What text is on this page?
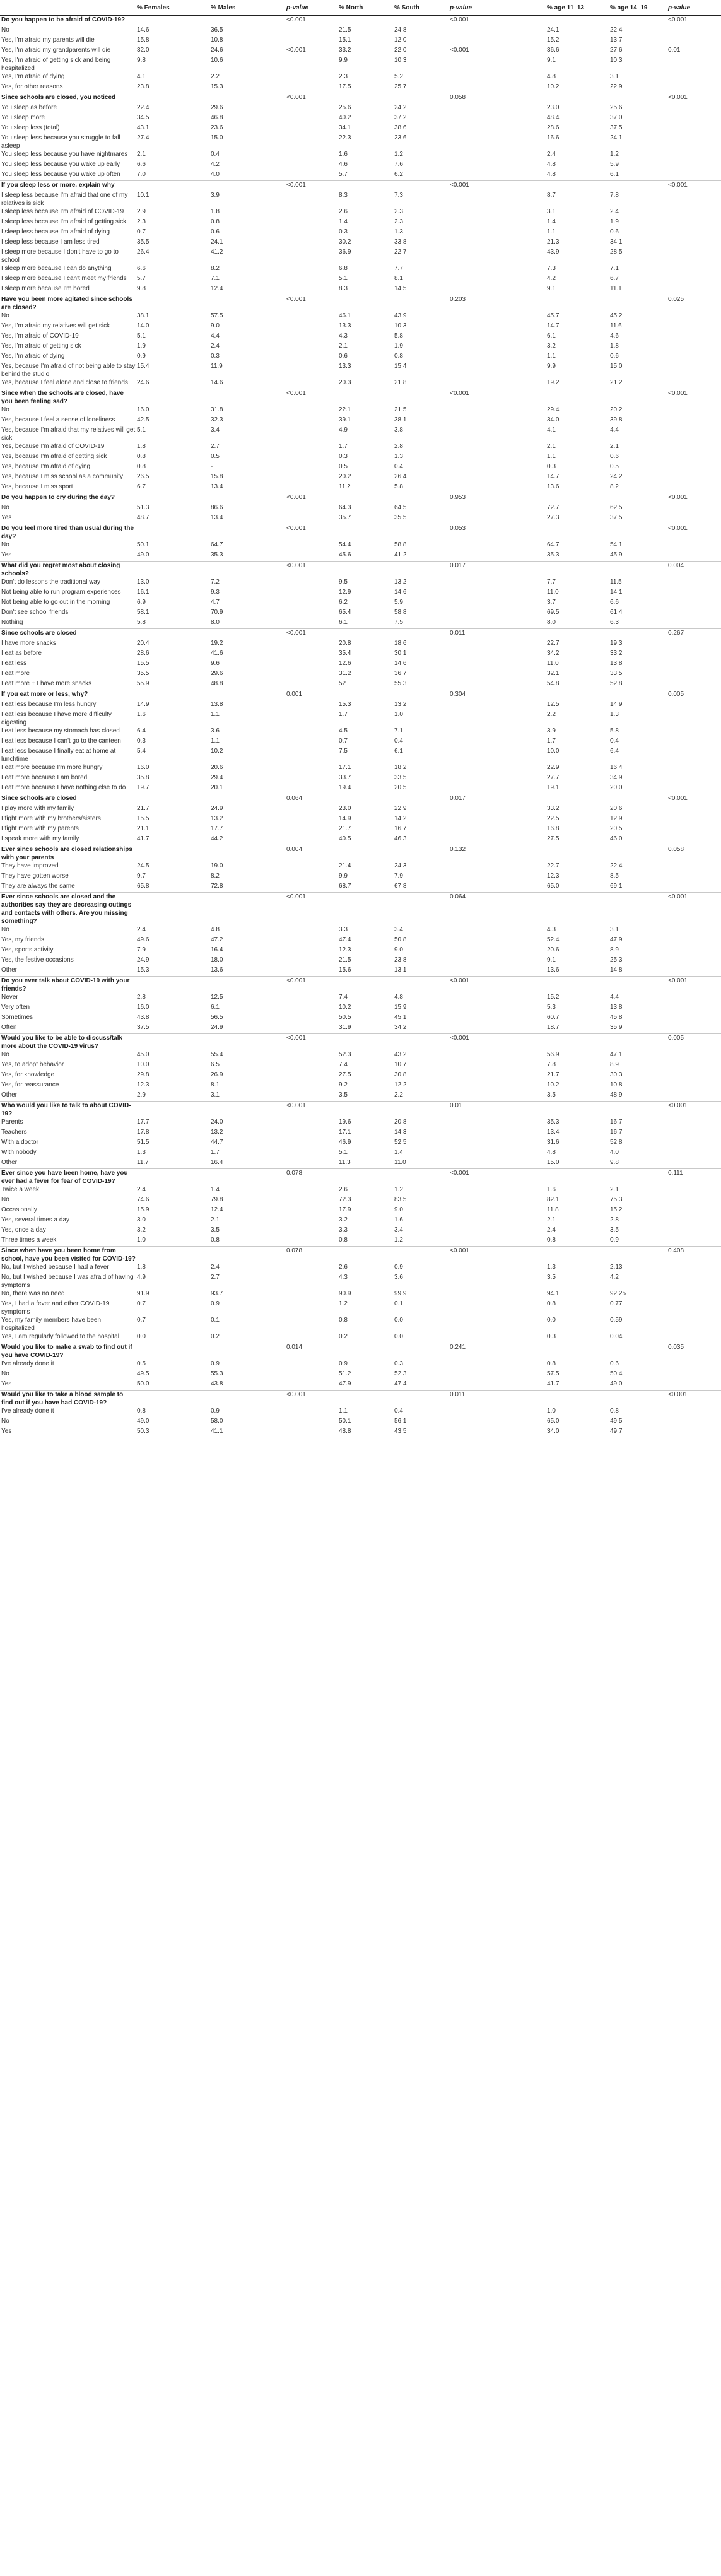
	% Females	% Males	p-value	% North	% South	p-value	% age 11–13	% age 14–19	p-value
Do you happen to be afraid of COVID-19?			<0.001			<0.001			<0.001
No	14.6	36.5		21.5	24.8		24.1	22.4	
Yes, I'm afraid my parents will die	15.8	10.8		15.1	12.0		15.2	13.7	
Yes, I'm afraid my grandparents will die	32.0	24.6	<0.001	33.2	22.0	<0.001	36.6	27.6	0.01
Yes, I'm afraid of getting sick and being hospitalized	9.8	10.6		9.9	10.3		9.1	10.3	
Yes, I'm afraid of dying	4.1	2.2		2.3	5.2		4.8	3.1	
Yes, for other reasons	23.8	15.3		17.5	25.7		10.2	22.9	
Since schools are closed, you noticed			<0.001			0.058			<0.001
You sleep as before	22.4	29.6		25.6	24.2		23.0	25.6	
You sleep more	34.5	46.8		40.2	37.2		48.4	37.0	
You sleep less (total)	43.1	23.6		34.1	38.6		28.6	37.5	
You sleep less because you struggle to fall asleep	27.4	15.0		22.3	23.6		16.6	24.1	
You sleep less because you have nightmares	2.1	0.4		1.6	1.2		2.4	1.2	
You sleep less because you wake up early	6.6	4.2		4.6	7.6		4.8	5.9	
You sleep less because you wake up often	7.0	4.0		5.7	6.2		4.8	6.1	
If you sleep less or more, explain why			<0.001			<0.001			<0.001
I sleep less because I'm afraid that one of my relatives is sick	10.1	3.9		8.3	7.3		8.7	7.8	
I sleep less because I'm afraid of COVID-19	2.9	1.8		2.6	2.3		3.1	2.4	
I sleep less because I'm afraid of getting sick	2.3	0.8		1.4	2.3		1.4	1.9	
I sleep less because I'm afraid of dying	0.7	0.6		0.3	1.3		1.1	0.6	
I sleep less because I am less tired	35.5	24.1		30.2	33.8		21.3	34.1	
I sleep more because I don't have to go to school	26.4	41.2		36.9	22.7		43.9	28.5	
I sleep more because I can do anything	6.6	8.2		6.8	7.7		7.3	7.1	
I sleep more because I can't meet my friends	5.7	7.1		5.1	8.1		4.2	6.7	
I sleep more because I'm bored	9.8	12.4		8.3	14.5		9.1	11.1	
Have you been more agitated since schools are closed?			<0.001			0.203			0.025
No	38.1	57.5		46.1	43.9		45.7	45.2	
Yes, I'm afraid my relatives will get sick	14.0	9.0		13.3	10.3		14.7	11.6	
Yes, I'm afraid of COVID-19	5.1	4.4		4.3	5.8		6.1	4.6	
Yes, I'm afraid of getting sick	1.9	2.4		2.1	1.9		3.2	1.8	
Yes, I'm afraid of dying	0.9	0.3		0.6	0.8		1.1	0.6	
Yes, because I'm afraid of not being able to stay behind the studio	15.4	11.9		13.3	15.4		9.9	15.0	
Yes, because I feel alone and close to friends	24.6	14.6		20.3	21.8		19.2	21.2	
Since when the schools are closed, have you been feeling sad?			<0.001			<0.001			<0.001
No	16.0	31.8		22.1	21.5		29.4	20.2	
Yes, because I feel a sense of loneliness	42.5	32.3		39.1	38.1		34.0	39.8	
Yes, because I'm afraid that my relatives will get sick	5.1	3.4		4.9	3.8		4.1	4.4	
Yes, because I'm afraid of COVID-19	1.8	2.7		1.7	2.8		2.1	2.1	
Yes, because I'm afraid of getting sick	0.8	0.5		0.3	1.3		1.1	0.6	
Yes, because I'm afraid of dying	0.8	-		0.5	0.4		0.3	0.5	
Yes, because I miss school as a community	26.5	15.8		20.2	26.4		14.7	24.2	
Yes, because I miss sport	6.7	13.4		11.2	5.8		13.6	8.2	
Do you happen to cry during the day?			<0.001			0.953			<0.001
No	51.3	86.6		64.3	64.5		72.7	62.5	
Yes	48.7	13.4		35.7	35.5		27.3	37.5	
Do you feel more tired than usual during the day?			<0.001			0.053			<0.001
No	50.1	64.7		54.4	58.8		64.7	54.1	
Yes	49.0	35.3		45.6	41.2		35.3	45.9	
What did you regret most about closing schools?			<0.001			0.017			0.004
Don't do lessons the traditional way	13.0	7.2		9.5	13.2		7.7	11.5	
Not being able to run program experiences	16.1	9.3		12.9	14.6		11.0	14.1	
Not being able to go out in the morning	6.9	4.7		6.2	5.9		3.7	6.6	
Don't see school friends	58.1	70.9		65.4	58.8		69.5	61.4	
Nothing	5.8	8.0		6.1	7.5		8.0	6.3	
Since schools are closed			<0.001			0.011			0.267
I have more snacks	20.4	19.2		20.8	18.6		22.7	19.3	
I eat as before	28.6	41.6		35.4	30.1		34.2	33.2	
I eat less	15.5	9.6		12.6	14.6		11.0	13.8	
I eat more	35.5	29.6		31.2	36.7		32.1	33.5	
I eat more + I have more snacks	55.9	48.8		52	55.3		54.8	52.8	
If you eat more or less, why?			0.001			0.304			0.005
I eat less because I'm less hungry	14.9	13.8		15.3	13.2		12.5	14.9	
I eat less because I have more difficulty digesting	1.6	1.1		1.7	1.0		2.2	1.3	
I eat less because my stomach has closed	6.4	3.6		4.5	7.1		3.9	5.8	
I eat less because I can't go to the canteen	0.3	1.1		0.7	0.4		1.7	0.4	
I eat less because I finally eat at home at lunchtime	5.4	10.2		7.5	6.1		10.0	6.4	
I eat more because I'm more hungry	16.0	20.6		17.1	18.2		22.9	16.4	
I eat more because I am bored	35.8	29.4		33.7	33.5		27.7	34.9	
I eat more because I have nothing else to do	19.7	20.1		19.4	20.5		19.1	20.0	
Since schools are closed			0.064			0.017			<0.001
I play more with my family	21.7	24.9		23.0	22.9		33.2	20.6	
I fight more with my brothers/sisters	15.5	13.2		14.9	14.2		22.5	12.9	
I fight more with my parents	21.1	17.7		21.7	16.7		16.8	20.5	
I speak more with my family	41.7	44.2		40.5	46.3		27.5	46.0	
Ever since schools are closed relationships with your parents			0.004			0.132			0.058
They have improved	24.5	19.0		21.4	24.3		22.7	22.4	
They have gotten worse	9.7	8.2		9.9	7.9		12.3	8.5	
They are always the same	65.8	72.8		68.7	67.8		65.0	69.1	
Ever since schools are closed and the authorities say they are decreasing outings and contacts with others. Are you missing something?			<0.001			0.064			<0.001
No	2.4	4.8		3.3	3.4		4.3	3.1	
Yes, my friends	49.6	47.2		47.4	50.8		52.4	47.9	
Yes, sports activity	7.9	16.4		12.3	9.0		20.6	8.9	
Yes, the festive occasions	24.9	18.0		21.5	23.8		9.1	25.3	
Other	15.3	13.6		15.6	13.1		13.6	14.8	
Do you ever talk about COVID-19 with your friends?			<0.001			<0.001			<0.001
Never	2.8	12.5		7.4	4.8		15.2	4.4	
Very often	16.0	6.1		10.2	15.9		5.3	13.8	
Sometimes	43.8	56.5		50.5	45.1		60.7	45.8	
Often	37.5	24.9		31.9	34.2		18.7	35.9	
Would you like to be able to discuss/talk more about the COVID-19 virus?			<0.001			<0.001			0.005
No	45.0	55.4		52.3	43.2		56.9	47.1	
Yes, to adopt behavior	10.0	6.5		7.4	10.7		7.8	8.9	
Yes, for knowledge	29.8	26.9		27.5	30.8		21.7	30.3	
Yes, for reassurance	12.3	8.1		9.2	12.2		10.2	10.8	
Other	2.9	3.1		3.5	2.2		3.5	48.9	
Who would you like to talk to about COVID-19?			<0.001			0.01			<0.001
Parents	17.7	24.0		19.6	20.8		35.3	16.7	
Teachers	17.8	13.2		17.1	14.3		13.4	16.7	
With a doctor	51.5	44.7		46.9	52.5		31.6	52.8	
With nobody	1.3	1.7		5.1	1.4		4.8	4.0	
Other	11.7	16.4		11.3	11.0		15.0	9.8	
Ever since you have been home, have you ever had a fever for fear of COVID-19?			0.078			<0.001			0.111
Twice a week	2.4	1.4		2.6	1.2		1.6	2.1	
No	74.6	79.8		72.3	83.5		82.1	75.3	
Occasionally	15.9	12.4		17.9	9.0		11.8	15.2	
Yes, several times a day	3.0	2.1		3.2	1.6		2.1	2.8	
Yes, once a day	3.2	3.5		3.3	3.4		2.4	3.5	
Three times a week	1.0	0.8		0.8	1.2		0.8	0.9	
Since when have you been home from school, have you been visited for COVID-19?			0.078			<0.001			0.408
No, but I wished because I had a fever	1.8	2.4		2.6	0.9		1.3	2.13	
No, but I wished because I was afraid of having symptoms	4.9	2.7		4.3	3.6		3.5	4.2	
No, there was no need	91.9	93.7		90.9	99.9		94.1	92.25	
Yes, I had a fever and other COVID-19 symptoms	0.7	0.9		1.2	0.1		0.8	0.77	
Yes, my family members have been hospitalized	0.7	0.1		0.8	0.0		0.0	0.59	
Yes, I am regularly followed to the hospital	0.0	0.2		0.2	0.0		0.3	0.04	
Would you like to make a swab to find out if you have COVID-19?			0.014			0.241			0.035
I've already done it	0.5	0.9		0.9	0.3		0.8	0.6	
No	49.5	55.3		51.2	52.3		57.5	50.4	
Yes	50.0	43.8		47.9	47.4		41.7	49.0	
Would you like to take a blood sample to find out if you have had COVID-19?			<0.001			0.011			<0.001
I've already done it	0.8	0.9		1.1	0.4		1.0	0.8	
No	49.0	58.0		50.1	56.1		65.0	49.5	
Yes	50.3	41.1		48.8	43.5		34.0	49.7	
